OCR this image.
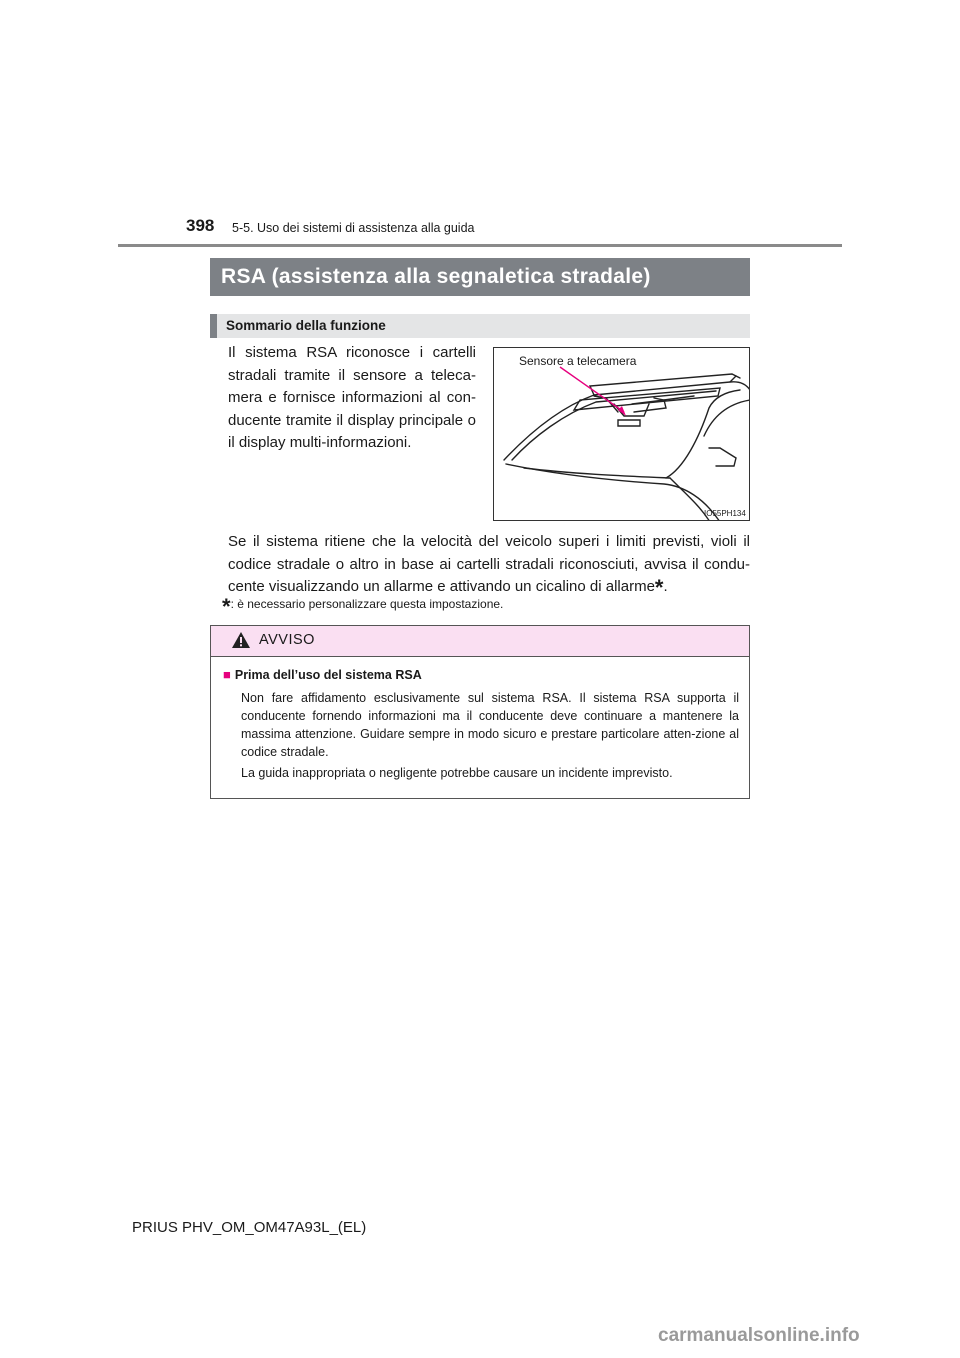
398 5-5. Uso dei sistemi di assistenza alla guida
RSA (assistenza alla segnaletica stradale)
Sommario della funzione
Il sistema RSA riconosce i cartelli stradali tramite il sensore a teleca-mera e fornisce informazioni al con-ducente tramite il display principale o il display multi-informazioni.
Sensore a telecamera
IO55PH134
Se il sistema ritiene che la velocità del veicolo superi i limiti previsti, violi il codice stradale o altro in base ai cartelli stradali riconosciuti, avvisa il condu-cente visualizzando un allarme e attivando un cicalino di allarme*.
*: è necessario personalizzare questa impostazione.
AVVISO
■ Prima dell’uso del sistema RSA
Non fare affidamento esclusivamente sul sistema RSA. Il sistema RSA supporta il conducente fornendo informazioni ma il conducente deve continuare a mantenere la massima attenzione. Guidare sempre in modo sicuro e prestare particolare atten-zione al codice stradale.
La guida inappropriata o negligente potrebbe causare un incidente imprevisto.
PRIUS PHV_OM_OM47A93L_(EL)
carmanualsonline.info
